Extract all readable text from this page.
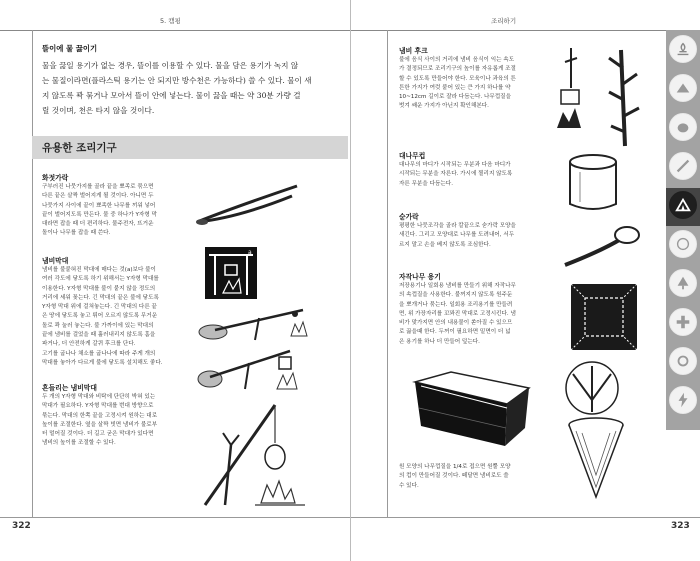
5. 캠핑
뜰이에 물 끓이기
물을 끓일 용기가 없는 경우, 뜰이를 이용할 수 있다. 물을 담은 용기가 녹지 않
는 물질이라면(플라스틱 용기는 안 되지만 방수천은 가능하다) 쓸 수 있다. 물이 새
지 않도록 꽉 묶거나 모아서 뜰이 안에 넣는다. 물이 끓을 때는 약 30분 가량 걸
릴 것이며, 천은 타지 않을 것이다.
유용한 조리기구
화젓가락
구부러진 나뭇가지를 골라 끝을 뾰족로 묶으면
다른 끝은 살짝 벌어지게 될 것이다. 아니면 두
나뭇가지 사이에 끝이 뾰족한 나무를 끼워 넣어
끝이 벌어지도록 만든다. 물 중 하나가 Y자형 막
대라면 잡을 때 더 편리하다. 물주전자, 뜨거운
돌이나 나무를 잡을 때 쓴다.
냄비막대
냄비를 불붙혀진 막대에 매다는 것(a)보다 불이
여러 각도에 닿도록 하기 위해서는 Y자형 막대를
이용한다. Y자형 막대를 불이 붙지 않을 정도의
거리에 세워 꽂는다. 긴 막대의 끝은 불에 닿도록
Y자형 막대 위에 걸쳐놓는다. 긴 막대의 다른 끝
은 땅에 닿도록 놓고 튀어 오르지 않도록 무거운
돌로 꽉 눌러 놓는다. 불 가까이에 있는 막대의
끝에 냄비를 걸었을 때 흘러내리지 않도록 홈을
파거나, 더 안전하게 갈퀴 후크를 단다.
고기를 굽나나 채소를 굽나나에 따라 주게 개의
막대를 놓아가 다르게 불에 닿도록 설치해도 좋다.
흔들리는 냄비막대
두 개의 Y자형 막대와 비탁에 단단히 박혀 있는
막대가 필요하다. Y자형 막대를 번대 방향으로
묶는다. 막대의 한쪽 끝을 고정시켜 원하는 대로
높이를 조절한다. 옆을 살짝 빗면 냄비가 불로부
터 멀어질 것이다. 더 길고 굳은 막대가 있다면
냄비의 높이를 조절할 수 있다.
a
322
조리하기
냄비 후크
불에 음식 사이의 거리에 냄비 음식이 익는 속도
가 결정되므로 조리기구의 높이를 자유롭게 조절
할 수 있도록 만들어야 한다. 모육이나 과육의 튼
튼한 가지가 여럿 붙어 있는 큰 가지 하나를 약
10~12cm 길이로 잘라 다듬는다. 나무껍질을
벗겨 쌔운 가지가 아닌지 확인해본다.
대나무컵
대나무의 마디가 시작되는 무분과 다음 마디가
시작되는 무분을 자른다. 가시에 찔리지 않도록
자른 무분을 다듬는다.
숟가락
평평한 나뭇조각을 골라 칼끝으로 숟가락 모양을
새긴다. 그리고 모양대로 나무를 도려내어, 서두
르지 말고 손을 베지 않도록 조심한다.
자작나무 용기
저장용기나 일회용 냄비를 만들기 위해 자작나무
의 속껍질을 사용한다. 불꺼지지 않도록 원주둔
을 뽀개거나 묶는다. 일회용 조리용기를 만들려
면, 위 가장자리를 꼬꽈진 막대로 고정시킨다. 냄
비가 맞가지면 안의 내용물이 쏟아질 수 있으므
로 끓을때 한다. 두꺼이 필요하면 밑면이 더 넓
은 용기를 하나 더 만들어 덮는다.
원 모양의 나무껍질을 1/4로 접으면 원뿔 모양
의 컵이 만들어질 것이다. 떼달면 냄비로도 쓸
수 있다.
323
